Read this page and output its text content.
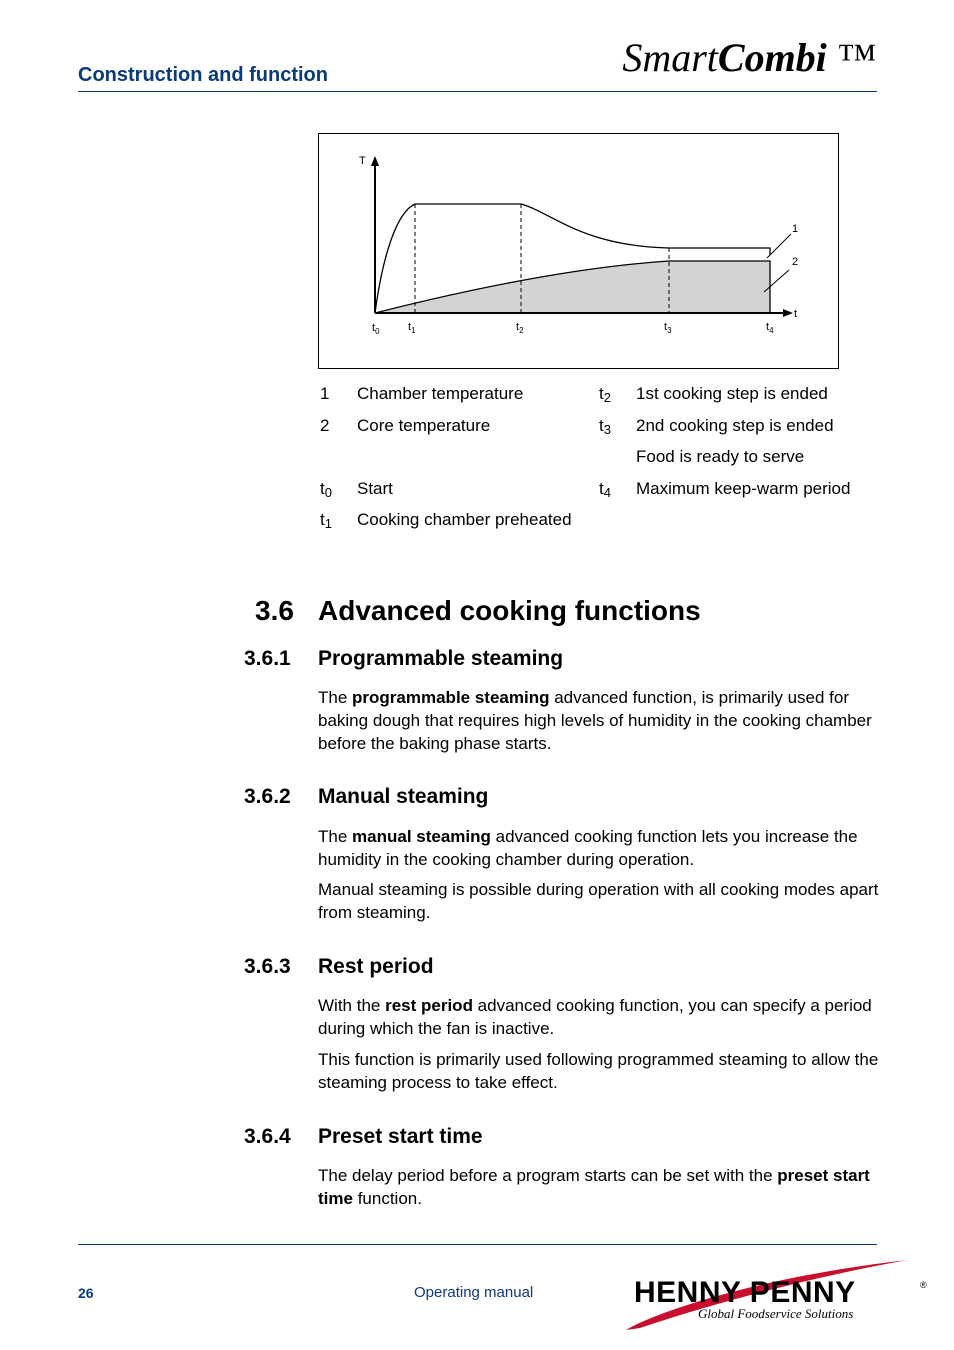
Construction and function	SmartCombi ™
T
t
1
2
$t_0$	$t_1$	$t_2$	$t_3$	$t_4$
1 Chamber temperature
2 Core temperature
$t_0$ Start
$t_1$ Cooking chamber preheated
$t_2$ 1st cooking step is ended
$t_3$ 2nd cooking step is ended
Food is ready to serve
$t_4$ Maximum keep-warm period
3.6 Advanced cooking functions
3.6.1 Programmable steaming

The programmable steaming advanced function, is primarily used for baking dough that requires high levels of humidity in the cooking chamber before the baking phase starts.

3.6.2 Manual steaming

The manual steaming advanced cooking function lets you increase the humidity in the cooking chamber during operation.

Manual steaming is possible during operation with all cooking modes apart from steaming.

3.6.3 Rest period

With the rest period advanced cooking function, you can specify a period during which the fan is inactive.

This function is primarily used following programmed steaming to allow the steaming process to take effect.

3.6.4 Preset start time

The delay period before a program starts can be set with the preset start time function.

26	Operating manual	HENNY PENNY	®
Global Foodservice Solutions
